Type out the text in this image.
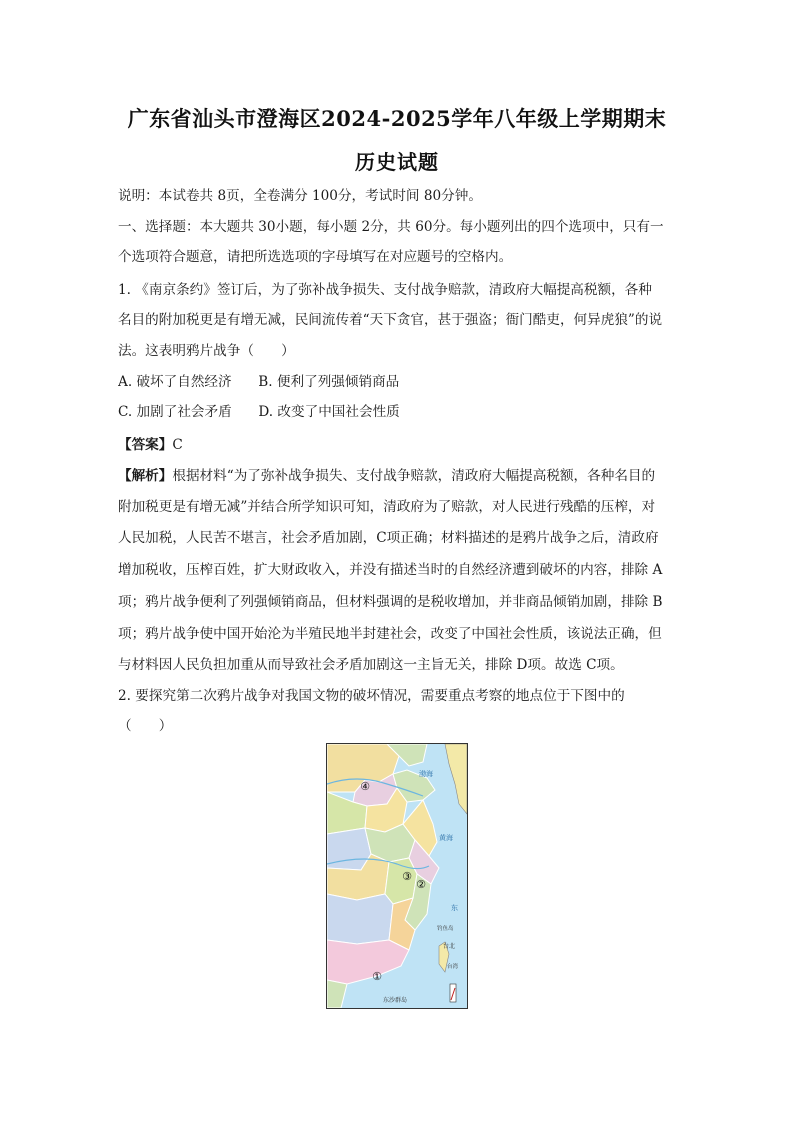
广东省汕头市澄海区2024-2025学年八年级上学期期末
历史试题
说明：本试卷共 8页，全卷满分 100分，考试时间 80分钟。
一、选择题：本大题共 30小题，每小题 2分，共 60分。每小题列出的四个选项中，只有一
个选项符合题意，请把所选选项的字母填写在对应题号的空格内。
1. 《南京条约》签订后，为了弥补战争损失、支付战争赔款，清政府大幅提高税额，各种
名目的附加税更是有增无减，民间流传着“天下贪官，甚于强盗；衙门酷吏，何异虎狼”的说
法。这表明鸦片战争（　　）
A. 破坏了自然经济 B. 便利了列强倾销商品
C. 加剧了社会矛盾 D. 改变了中国社会性质
【答案】C
【解析】根据材料“为了弥补战争损失、支付战争赔款，清政府大幅提高税额，各种名目的
附加税更是有增无减”并结合所学知识可知，清政府为了赔款，对人民进行残酷的压榨，对
人民加税，人民苦不堪言，社会矛盾加剧，C项正确；材料描述的是鸦片战争之后，清政府
增加税收，压榨百姓，扩大财政收入，并没有描述当时的自然经济遭到破坏的内容，排除 A
项；鸦片战争便利了列强倾销商品，但材料强调的是税收增加，并非商品倾销加剧，排除 B
项；鸦片战争使中国开始沦为半殖民地半封建社会，改变了中国社会性质，该说法正确，但
与材料因人民负担加重从而导致社会矛盾加剧这一主旨无关，排除 D项。故选 C项。
2. 要探究第二次鸦片战争对我国文物的破坏情况，需要重点考察的地点位于下图中的
（　　）
④
②
③
①
渤海
黄海
东
钓鱼岛
台北
台湾
东沙群岛
